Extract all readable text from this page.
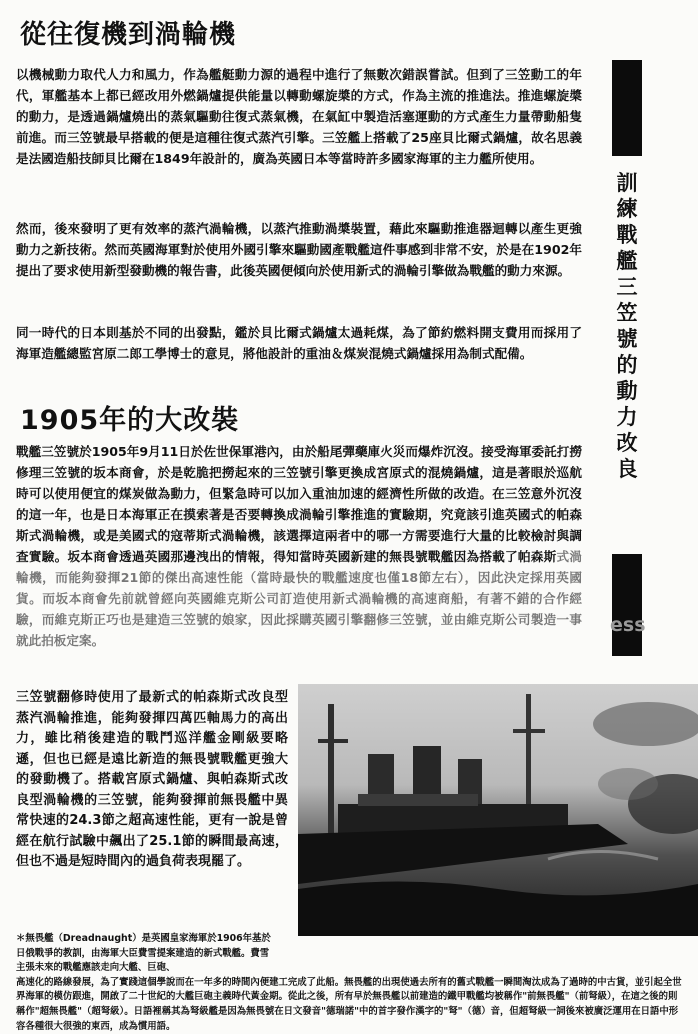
從往復機到渦輪機

以機械動力取代人力和風力，作為艦艇動力源的過程中進行了無數次錯誤嘗試。但到了三笠動工的年代，軍艦基本上都已經改用外燃鍋爐提供能量以轉動螺旋槳的方式，作為主流的推進法。推進螺旋槳的動力，是透過鍋爐燒出的蒸氣驅動往復式蒸氣機，在氣缸中製造活塞運動的方式產生力量帶動船隻前進。而三笠號最早搭載的便是這種往復式蒸汽引擎。三笠艦上搭載了25座貝比爾式鍋爐，故名思義是法國造船技師貝比爾在1849年設計的，廣為英國日本等當時許多國家海軍的主力艦所使用。

然而，後來發明了更有效率的蒸汽渦輪機，以蒸汽推動渦槳裝置，藉此來驅動推進器迴轉以產生更強動力之新技術。然而英國海軍對於使用外國引擎來驅動國產戰艦這件事感到非常不安，於是在1902年提出了要求使用新型發動機的報告書，此後英國便傾向於使用新式的渦輪引擎做為戰艦的動力來源。

同一時代的日本則基於不同的出發點，鑑於貝比爾式鍋爐太過耗煤，為了節約燃料開支費用而採用了海軍造艦總監宮原二郎工學博士的意見，將他設計的重油＆煤炭混燒式鍋爐採用為制式配備。

1905年的大改裝

戰艦三笠號於1905年9月11日於佐世保軍港內，由於船尾彈藥庫火災而爆炸沉沒。接受海軍委託打撈修理三笠號的坂本商會，於是乾脆把撈起來的三笠號引擎更換成宮原式的混燒鍋爐，這是著眼於巡航時可以使用便宜的煤炭做為動力，但緊急時可以加入重油加速的經濟性所做的改造。在三笠意外沉沒的這一年，也是日本海軍正在摸索著是否要轉換成渦輪引擎推進的實驗期，究竟該引進英國式的帕森斯式渦輪機，或是美國式的寇蒂斯式渦輪機，該選擇這兩者中的哪一方需要進行大量的比較檢討與調查實驗。坂本商會透過英國那邊洩出的情報，得知當時英國新建的無畏號戰艦因為搭載了帕森斯式渦輪機，而能夠發揮21節的傑出高速性能（當時最快的戰艦速度也僅18節左右），因此決定採用英國貨。而坂本商會先前就曾經向英國維克斯公司訂造使用新式渦輪機的高速商船，有著不錯的合作經驗，而維克斯正巧也是建造三笠號的娘家，因此採購英國引擎翻修三笠號，並由維克斯公司製造一事就此拍板定案。

訓
練
戰
艦
三
笠
號
的
動
力
改
良
ess

三笠號翻修時使用了最新式的帕森斯式改良型蒸汽渦輪推進，能夠發揮四萬匹軸馬力的高出力，雖比稍後建造的戰鬥巡洋艦金剛級要略遜，但也已經是遠比新造的無畏號戰艦更強大的發動機了。搭載宮原式鍋爐、與帕森斯式改良型渦輪機的三笠號，能夠發揮前無畏艦中異常快速的24.3節之超高速性能，更有一說是曾經在航行試驗中飆出了25.1節的瞬間最高速，但也不過是短時間內的過負荷表現罷了。

＊無畏艦（Dreadnaught）是英國皇家海軍於1906年基於日俄戰爭的教訓，由海軍大臣費雪提案建造的新式戰艦。費雪主張未來的戰艦應該走向大艦、巨砲、
高速化的路線發展，為了實踐這個學說而在一年多的時間內便建工完成了此船。無畏艦的出現使過去所有的舊式戰艦一瞬間淘汰成為了過時的中古貨，並引起全世界海軍的模仿跟進，開啟了二十世紀的大艦巨砲主義時代黃金期。從此之後，所有早於無畏艦以前建造的鐵甲戰艦均被稱作"前無畏艦"（前弩級），在這之後的則稱作"超無畏艦"（超弩級）。日語裡稱其為弩級艦是因為無畏號在日文發音"德瑞諾"中的首字發作漢字的"弩"（德）音，但超弩級一詞後來被廣泛運用在日語中形容各種很大很強的東西，成為慣用語。
